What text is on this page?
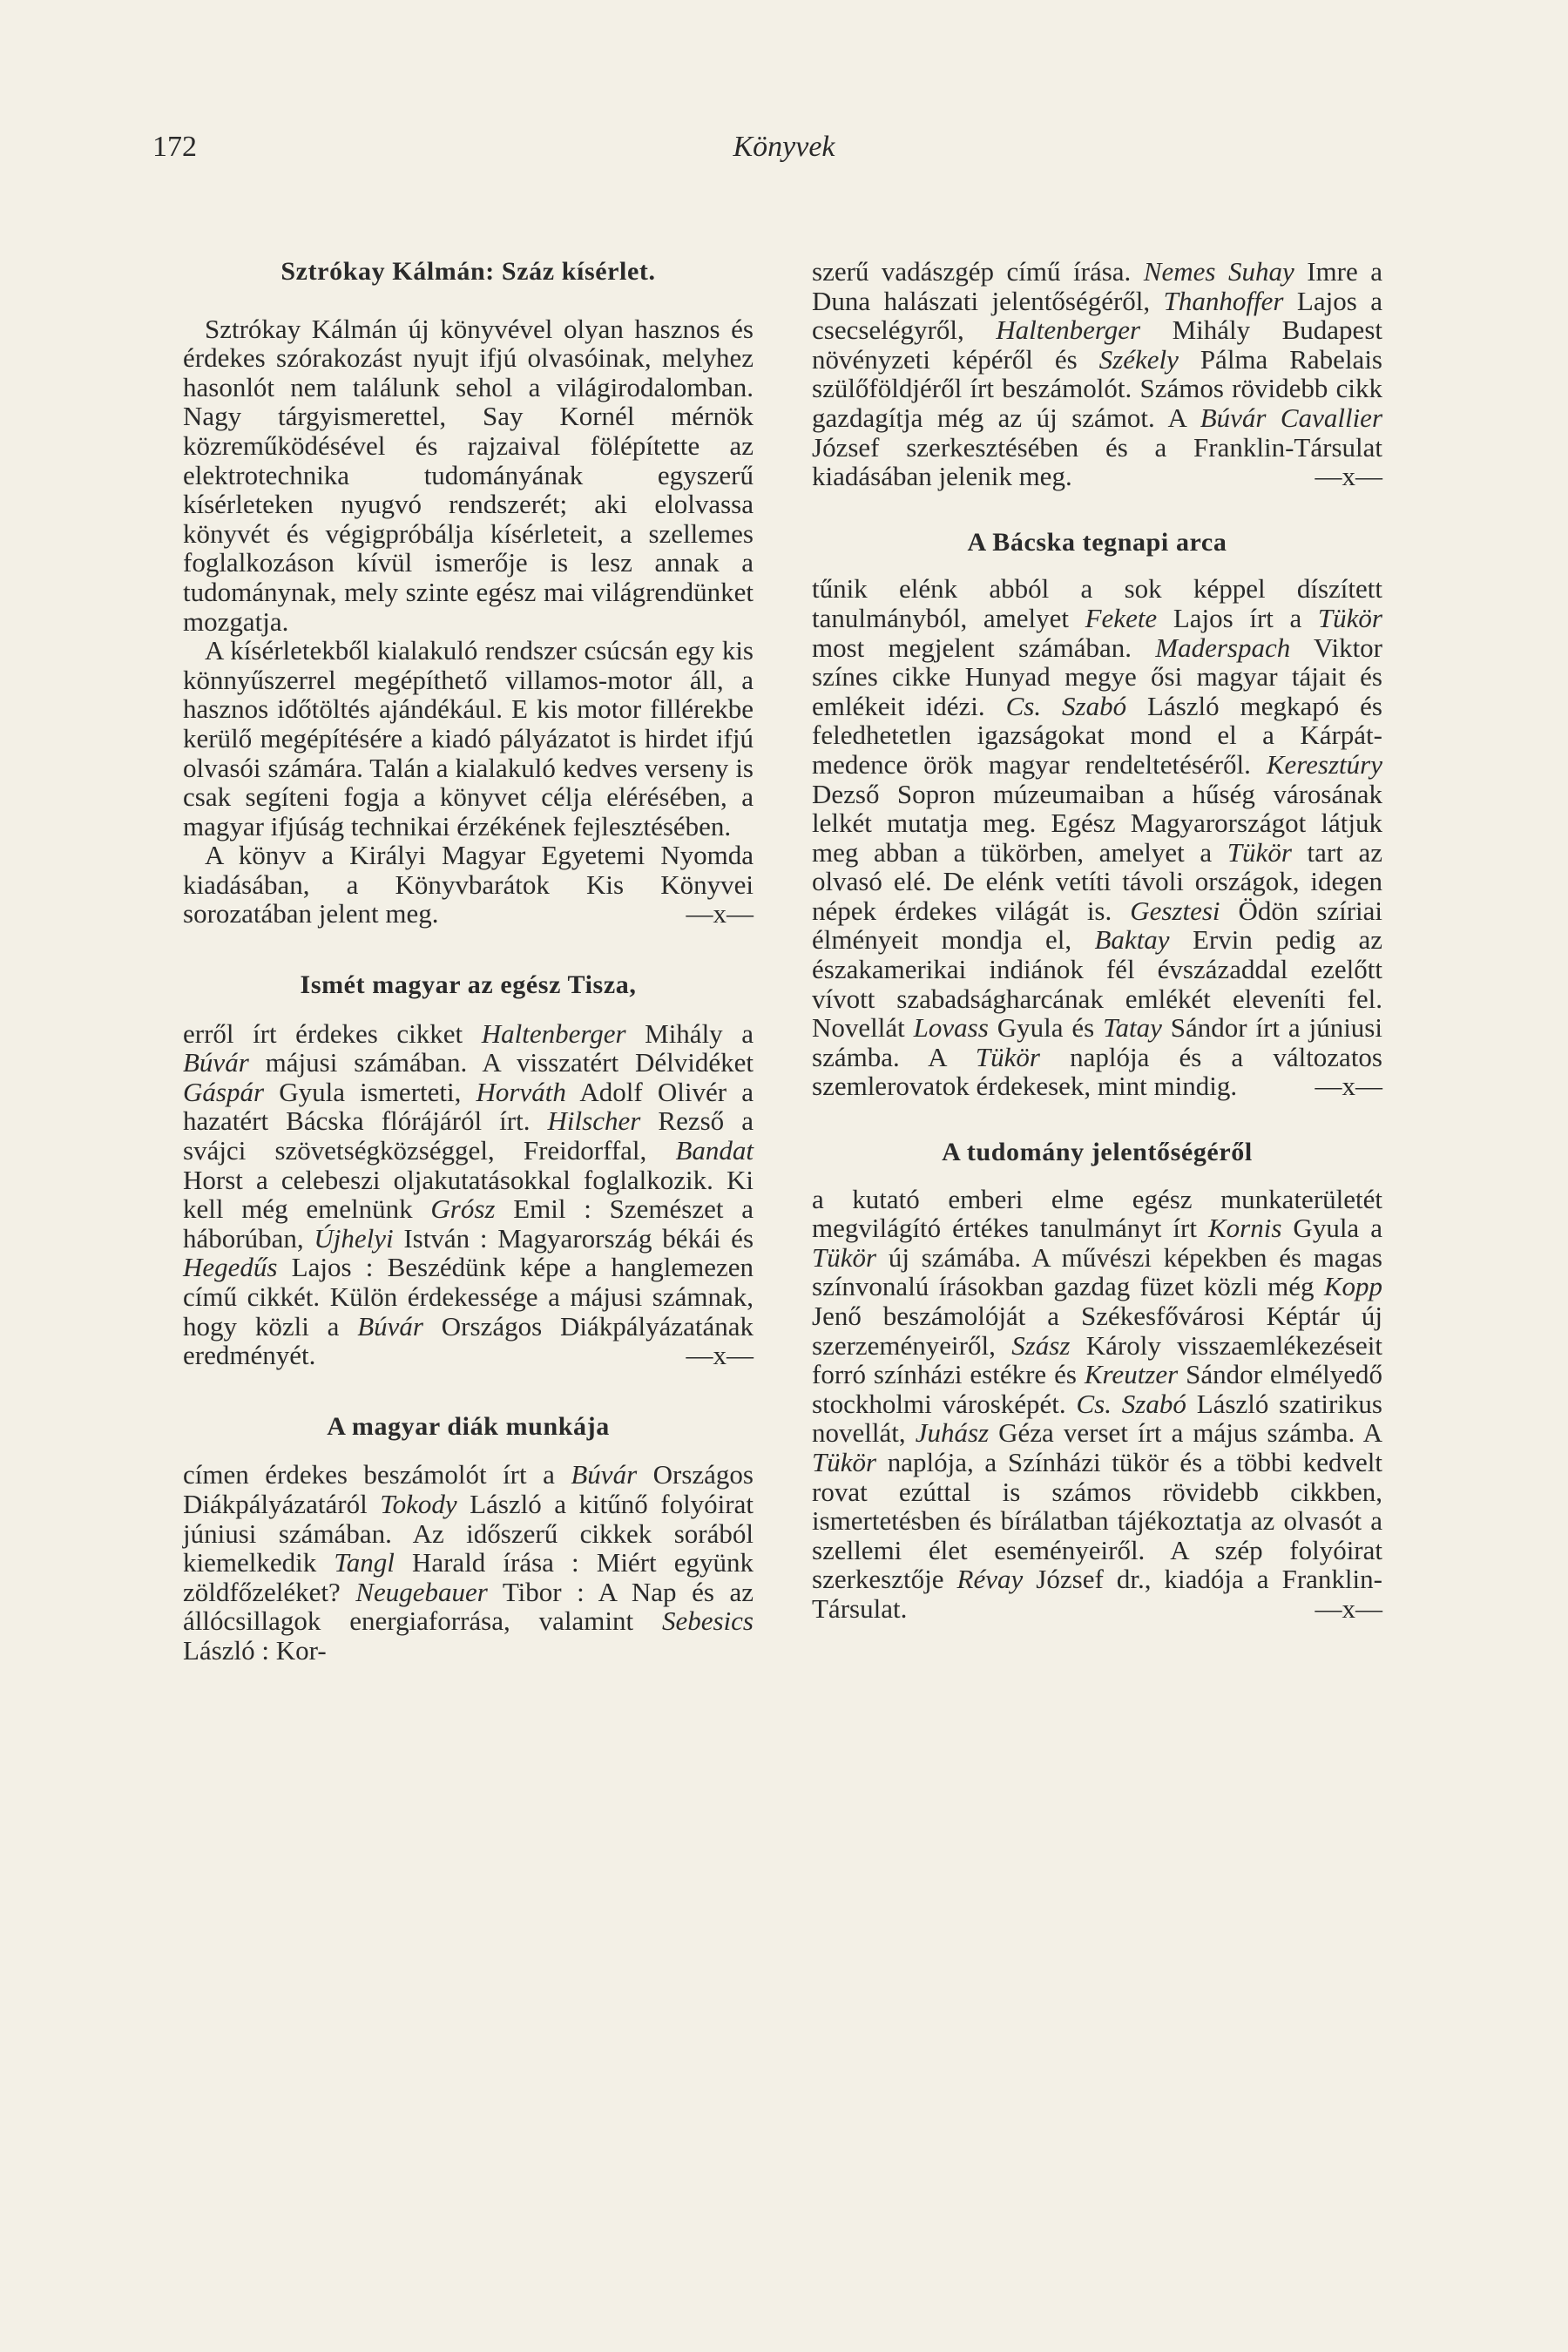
172	Könyvek
Sztrókay Kálmán: Száz kísérlet.

Sztrókay Kálmán új könyvével olyan hasznos és érdekes szórakozást nyujt ifjú olvasóinak, melyhez hasonlót nem találunk sehol a világirodalomban. Nagy tárgyismerettel, Say Kornél mérnök közreműködésével és rajzaival fölépítette az elektrotechnika tudományának egyszerű kísérleteken nyugvó rendszerét; aki elolvassa könyvét és végigpróbálja kísérleteit, a szellemes foglalkozáson kívül ismerője is lesz annak a tudománynak, mely szinte egész mai világrendünket mozgatja.

A kísérletekből kialakuló rendszer csúcsán egy kis könnyűszerrel megépíthető villamos-motor áll, a hasznos időtöltés ajándékául. E kis motor fillérekbe kerülő megépítésére a kiadó pályázatot is hirdet ifjú olvasói számára. Talán a kialakuló kedves verseny is csak segíteni fogja a könyvet célja elérésében, a magyar ifjúság technikai érzékének fejlesztésében.

A könyv a Királyi Magyar Egyetemi Nyomda kiadásában, a Könyvbarátok Kis Könyvei sorozatában jelent meg.	—x—

Ismét magyar az egész Tisza,

erről írt érdekes cikket Haltenberger Mihály a Búvár májusi számában. A visszatért Délvidéket Gáspár Gyula ismerteti, Horváth Adolf Olivér a hazatért Bácska flórájáról írt. Hilscher Rezső a svájci szövetségközséggel, Freidorffal, Bandat Horst a celebeszi oljakutatásokkal foglalkozik. Ki kell még emelnünk Grósz Emil : Szemészet a háborúban, Újhelyi István : Magyarország békái és Hegedűs Lajos : Beszédünk képe a hanglemezen című cikkét. Külön érdekessége a májusi számnak, hogy közli a Búvár Országos Diákpályázatának eredményét.	—x—

A magyar diák munkája

címen érdekes beszámolót írt a Búvár Országos Diákpályázatáról Tokody László a kitűnő folyóirat júniusi számában. Az időszerű cikkek sorából kiemelkedik Tangl Harald írása : Miért együnk zöldfőzeléket? Neugebauer Tibor : A Nap és az állócsillagok energiaforrása, valamint Sebesics László : Kor-

szerű vadászgép című írása. Nemes Suhay Imre a Duna halászati jelentőségéről, Thanhoffer Lajos a csecselégyről, Haltenberger Mihály Budapest növényzeti képéről és Székely Pálma Rabelais szülőföldjéről írt beszámolót. Számos rövidebb cikk gazdagítja még az új számot. A Búvár Cavallier József szerkesztésében és a Franklin-Társulat kiadásában jelenik meg.	—x—

A Bácska tegnapi arca

tűnik elénk abból a sok képpel díszített tanulmányból, amelyet Fekete Lajos írt a Tükör most megjelent számában. Maderspach Viktor színes cikke Hunyad megye ősi magyar tájait és emlékeit idézi. Cs. Szabó László megkapó és feledhetetlen igazságokat mond el a Kárpát-medence örök magyar rendeltetéséről. Keresztúry Dezső Sopron múzeumaiban a hűség városának lelkét mutatja meg. Egész Magyarországot látjuk meg abban a tükörben, amelyet a Tükör tart az olvasó elé. De elénk vetíti távoli országok, idegen népek érdekes világát is. Gesztesi Ödön szíriai élményeit mondja el, Baktay Ervin pedig az északamerikai indiánok fél évszázaddal ezelőtt vívott szabadságharcának emlékét eleveníti fel. Novellát Lovass Gyula és Tatay Sándor írt a júniusi számba. A Tükör naplója és a változatos szemlerovatok érdekesek, mint mindig.	—x—

A tudomány jelentőségéről

a kutató emberi elme egész munkaterületét megvilágító értékes tanulmányt írt Kornis Gyula a Tükör új számába. A művészi képekben és magas színvonalú írásokban gazdag füzet közli még Kopp Jenő beszámolóját a Székesfővárosi Képtár új szerzeményeiről, Szász Károly visszaemlékezéseit forró színházi estékre és Kreutzer Sándor elmélyedő stockholmi városképét. Cs. Szabó László szatirikus novellát, Juhász Géza verset írt a május számba. A Tükör naplója, a Színházi tükör és a többi kedvelt rovat ezúttal is számos rövidebb cikkben, ismertetésben és bírálatban tájékoztatja az olvasót a szellemi élet eseményeiről. A szép folyóirat szerkesztője Révay József dr., kiadója a Franklin-Társulat.	—x—
